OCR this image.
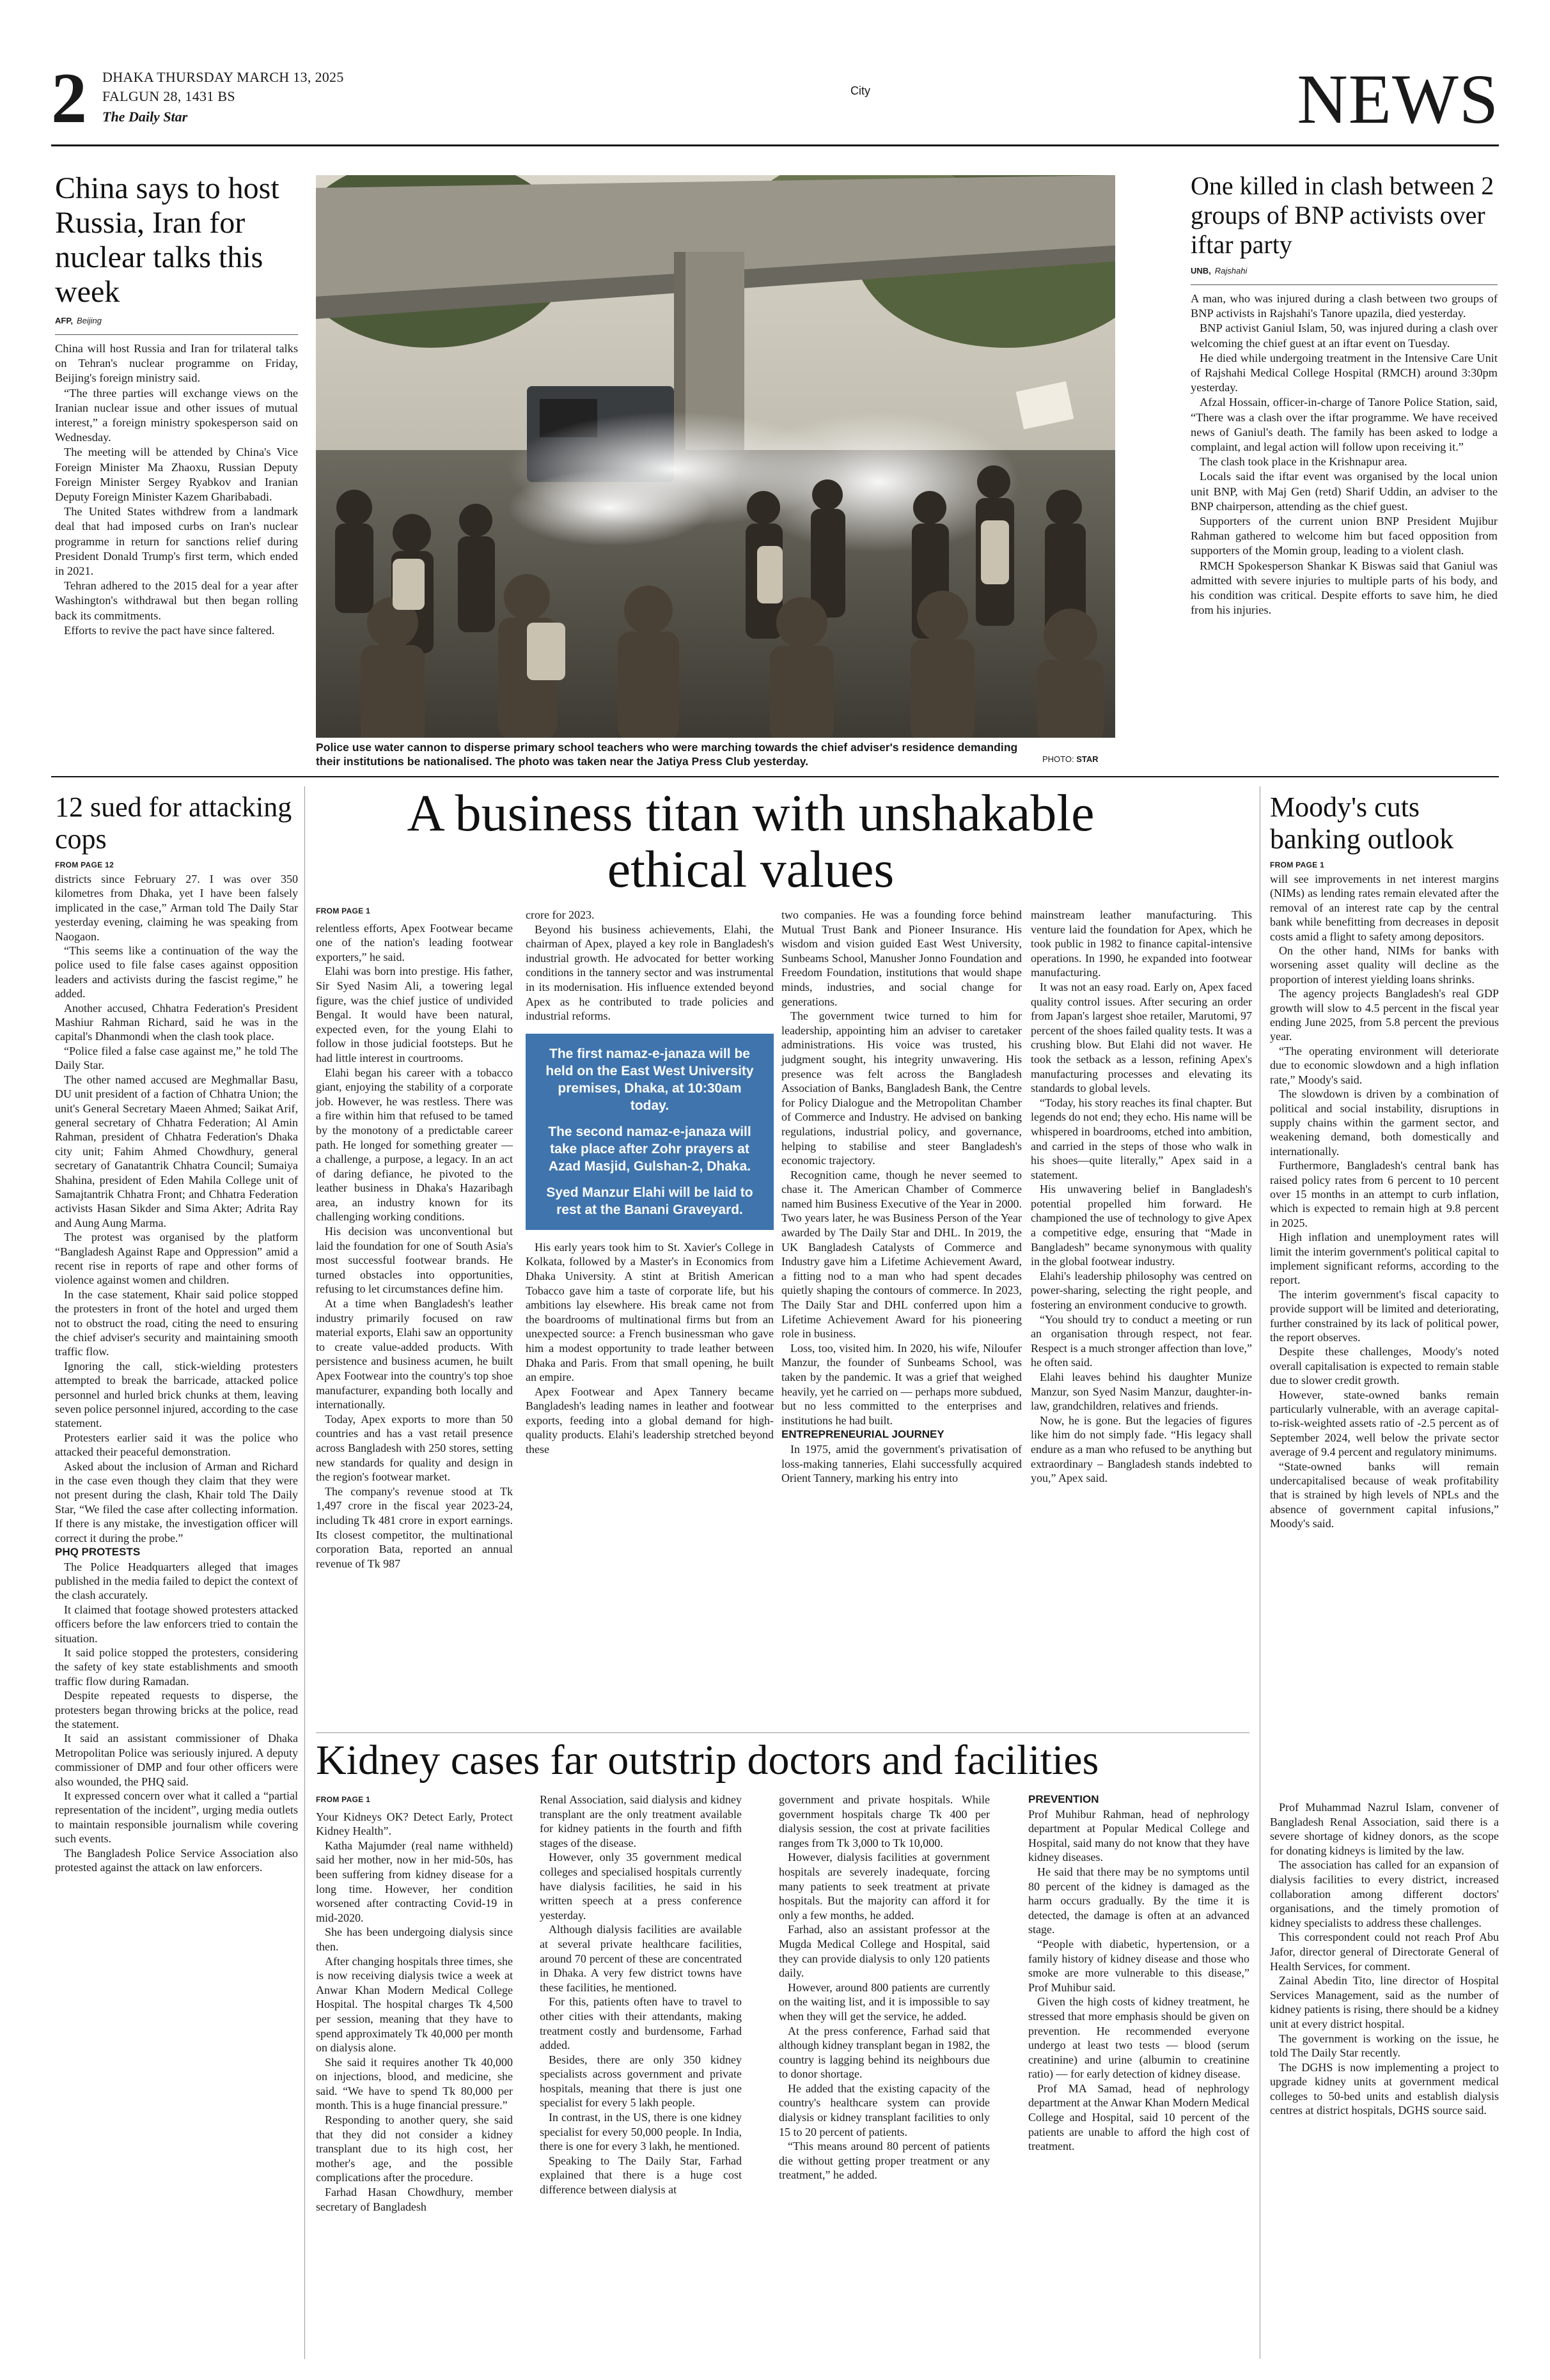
2 DHAKA THURSDAY MARCH 13, 2025
FALGUN 28, 1431 BS
The Daily Star
City	NEWS
China says to host Russia, Iran for nuclear talks this week
AFP, Beijing

China will host Russia and Iran for trilateral talks on Tehran's nuclear programme on Friday, Beijing's foreign ministry said.

“The three parties will exchange views on the Iranian nuclear issue and other issues of mutual interest,” a foreign ministry spokesperson said on Wednesday.

The meeting will be attended by China's Vice Foreign Minister Ma Zhaoxu, Russian Deputy Foreign Minister Sergey Ryabkov and Iranian Deputy Foreign Minister Kazem Gharibabadi.

The United States withdrew from a landmark deal that had imposed curbs on Iran's nuclear programme in return for sanctions relief during President Donald Trump's first term, which ended in 2021.

Tehran adhered to the 2015 deal for a year after Washington's withdrawal but then began rolling back its commitments.

Efforts to revive the pact have since faltered.

Police use water cannon to disperse primary school teachers who were marching towards the chief adviser's residence demanding their institutions be nationalised. The photo was taken near the Jatiya Press Club yesterday.	PHOTO: STAR
One killed in clash between 2 groups of BNP activists over iftar party
UNB, Rajshahi

A man, who was injured during a clash between two groups of BNP activists in Rajshahi's Tanore upazila, died yesterday.

BNP activist Ganiul Islam, 50, was injured during a clash over welcoming the chief guest at an iftar event on Tuesday.

He died while undergoing treatment in the Intensive Care Unit of Rajshahi Medical College Hospital (RMCH) around 3:30pm yesterday.

Afzal Hossain, officer-in-charge of Tanore Police Station, said, “There was a clash over the iftar programme. We have received news of Ganiul's death. The family has been asked to lodge a complaint, and legal action will follow upon receiving it.”

The clash took place in the Krishnapur area.

Locals said the iftar event was organised by the local union unit BNP, with Maj Gen (retd) Sharif Uddin, an adviser to the BNP chairperson, attending as the chief guest.

Supporters of the current union BNP President Mujibur Rahman gathered to welcome him but faced opposition from supporters of the Momin group, leading to a violent clash.

RMCH Spokesperson Shankar K Biswas said that Ganiul was admitted with severe injuries to multiple parts of his body, and his condition was critical. Despite efforts to save him, he died from his injuries.

12 sued for attacking cops
FROM PAGE 12

districts since February 27. I was over 350 kilometres from Dhaka, yet I have been falsely implicated in the case,” Arman told The Daily Star yesterday evening, claiming he was speaking from Naogaon.

“This seems like a continuation of the way the police used to file false cases against opposition leaders and activists during the fascist regime,” he added.

Another accused, Chhatra Federation's President Mashiur Rahman Richard, said he was in the capital's Dhanmondi when the clash took place.

“Police filed a false case against me,” he told The Daily Star.

The other named accused are Meghmallar Basu, DU unit president of a faction of Chhatra Union; the unit's General Secretary Maeen Ahmed; Saikat Arif, general secretary of Chhatra Federation; Al Amin Rahman, president of Chhatra Federation's Dhaka city unit; Fahim Ahmed Chowdhury, general secretary of Ganatantrik Chhatra Council; Sumaiya Shahina, president of Eden Mahila College unit of Samajtantrik Chhatra Front; and Chhatra Federation activists Hasan Sikder and Sima Akter; Adrita Ray and Aung Aung Marma.

The protest was organised by the platform “Bangladesh Against Rape and Oppression” amid a recent rise in reports of rape and other forms of violence against women and children.

In the case statement, Khair said police stopped the protesters in front of the hotel and urged them not to obstruct the road, citing the need to ensuring the chief adviser's security and maintaining smooth traffic flow.

Ignoring the call, stick-wielding protesters attempted to break the barricade, attacked police personnel and hurled brick chunks at them, leaving seven police personnel injured, according to the case statement.

Protesters earlier said it was the police who attacked their peaceful demonstration.

Asked about the inclusion of Arman and Richard in the case even though they claim that they were not present during the clash, Khair told The Daily Star, “We filed the case after collecting information. If there is any mistake, the investigation officer will correct it during the probe.”

PHQ PROTESTS

The Police Headquarters alleged that images published in the media failed to depict the context of the clash accurately.

It claimed that footage showed protesters attacked officers before the law enforcers tried to contain the situation.

It said police stopped the protesters, considering the safety of key state establishments and smooth traffic flow during Ramadan.

Despite repeated requests to disperse, the protesters began throwing bricks at the police, read the statement.

It said an assistant commissioner of Dhaka Metropolitan Police was seriously injured. A deputy commissioner of DMP and four other officers were also wounded, the PHQ said.

It expressed concern over what it called a “partial representation of the incident”, urging media outlets to maintain responsible journalism while covering such events.

The Bangladesh Police Service Association also protested against the attack on law enforcers.

A business titan with unshakable
ethical values
FROM PAGE 1

relentless efforts, Apex Footwear became one of the nation's leading footwear exporters,” he said.

Elahi was born into prestige. His father, Sir Syed Nasim Ali, a towering legal figure, was the chief justice of undivided Bengal. It would have been natural, expected even, for the young Elahi to follow in those judicial footsteps. But he had little interest in courtrooms.

Elahi began his career with a tobacco giant, enjoying the stability of a corporate job. However, he was restless. There was a fire within him that refused to be tamed by the monotony of a predictable career path. He longed for something greater — a challenge, a purpose, a legacy. In an act of daring defiance, he pivoted to the leather business in Dhaka's Hazaribagh area, an industry known for its challenging working conditions.

His decision was unconventional but laid the foundation for one of South Asia's most successful footwear brands. He turned obstacles into opportunities, refusing to let circumstances define him.

At a time when Bangladesh's leather industry primarily focused on raw material exports, Elahi saw an opportunity to create value-added products. With persistence and business acumen, he built Apex Footwear into the country's top shoe manufacturer, expanding both locally and internationally.

Today, Apex exports to more than 50 countries and has a vast retail presence across Bangladesh with 250 stores, setting new standards for quality and design in the region's footwear market.

The company's revenue stood at Tk 1,497 crore in the fiscal year 2023-24, including Tk 481 crore in export earnings. Its closest competitor, the multinational corporation Bata, reported an annual revenue of Tk 987

crore for 2023.

Beyond his business achievements, Elahi, the chairman of Apex, played a key role in Bangladesh's industrial growth. He advocated for better working conditions in the tannery sector and was instrumental in its modernisation. His influence extended beyond Apex as he contributed to trade policies and industrial reforms.

The first namaz-e-janaza will be held on the East West University premises, Dhaka, at 10:30am today.
The second namaz-e-janaza will take place after Zohr prayers at Azad Masjid, Gulshan-2, Dhaka.
Syed Manzur Elahi will be laid to rest at the Banani Graveyard.

His early years took him to St. Xavier's College in Kolkata, followed by a Master's in Economics from Dhaka University. A stint at British American Tobacco gave him a taste of corporate life, but his ambitions lay elsewhere. His break came not from the boardrooms of multinational firms but from an unexpected source: a French businessman who gave him a modest opportunity to trade leather between Dhaka and Paris. From that small opening, he built an empire.

Apex Footwear and Apex Tannery became Bangladesh's leading names in leather and footwear exports, feeding into a global demand for high-quality products. Elahi's leadership stretched beyond these

two companies. He was a founding force behind Mutual Trust Bank and Pioneer Insurance. His wisdom and vision guided East West University, Sunbeams School, Manusher Jonno Foundation and Freedom Foundation, institutions that would shape minds, industries, and social change for generations.

The government twice turned to him for leadership, appointing him an adviser to caretaker administrations. His voice was trusted, his judgment sought, his integrity unwavering. His presence was felt across the Bangladesh Association of Banks, Bangladesh Bank, the Centre for Policy Dialogue and the Metropolitan Chamber of Commerce and Industry. He advised on banking regulations, industrial policy, and governance, helping to stabilise and steer Bangladesh's economic trajectory.

Recognition came, though he never seemed to chase it. The American Chamber of Commerce named him Business Executive of the Year in 2000. Two years later, he was Business Person of the Year awarded by The Daily Star and DHL. In 2019, the UK Bangladesh Catalysts of Commerce and Industry gave him a Lifetime Achievement Award, a fitting nod to a man who had spent decades quietly shaping the contours of commerce. In 2023, The Daily Star and DHL conferred upon him a Lifetime Achievement Award for his pioneering role in business.

Loss, too, visited him. In 2020, his wife, Niloufer Manzur, the founder of Sunbeams School, was taken by the pandemic. It was a grief that weighed heavily, yet he carried on — perhaps more subdued, but no less committed to the enterprises and institutions he had built.

ENTREPRENEURIAL JOURNEY

In 1975, amid the government's privatisation of loss-making tanneries, Elahi successfully acquired Orient Tannery, marking his entry into

mainstream leather manufacturing. This venture laid the foundation for Apex, which he took public in 1982 to finance capital-intensive operations. In 1990, he expanded into footwear manufacturing.

It was not an easy road. Early on, Apex faced quality control issues. After securing an order from Japan's largest shoe retailer, Marutomi, 97 percent of the shoes failed quality tests. It was a crushing blow. But Elahi did not waver. He took the setback as a lesson, refining Apex's manufacturing processes and elevating its standards to global levels.

“Today, his story reaches its final chapter. But legends do not end; they echo. His name will be whispered in boardrooms, etched into ambition, and carried in the steps of those who walk in his shoes—quite literally,” Apex said in a statement.

His unwavering belief in Bangladesh's potential propelled him forward. He championed the use of technology to give Apex a competitive edge, ensuring that “Made in Bangladesh” became synonymous with quality in the global footwear industry.

Elahi's leadership philosophy was centred on power-sharing, selecting the right people, and fostering an environment conducive to growth.

“You should try to conduct a meeting or run an organisation through respect, not fear. Respect is a much stronger affection than love,” he often said.

Elahi leaves behind his daughter Munize Manzur, son Syed Nasim Manzur, daughter-in-law, grandchildren, relatives and friends.

Now, he is gone. But the legacies of figures like him do not simply fade. “His legacy shall endure as a man who refused to be anything but extraordinary – Bangladesh stands indebted to you,” Apex said.

Moody's cuts banking outlook
FROM PAGE 1

will see improvements in net interest margins (NIMs) as lending rates remain elevated after the removal of an interest rate cap by the central bank while benefitting from decreases in deposit costs amid a flight to safety among depositors.

On the other hand, NIMs for banks with worsening asset quality will decline as the proportion of interest yielding loans shrinks.

The agency projects Bangladesh's real GDP growth will slow to 4.5 percent in the fiscal year ending June 2025, from 5.8 percent the previous year.

“The operating environment will deteriorate due to economic slowdown and a high inflation rate,” Moody's said.

The slowdown is driven by a combination of political and social instability, disruptions in supply chains within the garment sector, and weakening demand, both domestically and internationally.

Furthermore, Bangladesh's central bank has raised policy rates from 6 percent to 10 percent over 15 months in an attempt to curb inflation, which is expected to remain high at 9.8 percent in 2025.

High inflation and unemployment rates will limit the interim government's political capital to implement significant reforms, according to the report.

The interim government's fiscal capacity to provide support will be limited and deteriorating, further constrained by its lack of political power, the report observes.

Despite these challenges, Moody's noted overall capitalisation is expected to remain stable due to slower credit growth.

However, state-owned banks remain particularly vulnerable, with an average capital-to-risk-weighted assets ratio of -2.5 percent as of September 2024, well below the private sector average of 9.4 percent and regulatory minimums.

“State-owned banks will remain undercapitalised because of weak profitability that is strained by high levels of NPLs and the absence of government capital infusions,” Moody's said.

Kidney cases far outstrip doctors and facilities
FROM PAGE 1

Your Kidneys OK? Detect Early, Protect Kidney Health”.

Katha Majumder (real name withheld) said her mother, now in her mid-50s, has been suffering from kidney disease for a long time. However, her condition worsened after contracting Covid-19 in mid-2020.

She has been undergoing dialysis since then.

After changing hospitals three times, she is now receiving dialysis twice a week at Anwar Khan Modern Medical College Hospital. The hospital charges Tk 4,500 per session, meaning that they have to spend approximately Tk 40,000 per month on dialysis alone.

She said it requires another Tk 40,000 on injections, blood, and medicine, she said. “We have to spend Tk 80,000 per month. This is a huge financial pressure.”

Responding to another query, she said that they did not consider a kidney transplant due to its high cost, her mother's age, and the possible complications after the procedure.

Farhad Hasan Chowdhury, member secretary of Bangladesh

Renal Association, said dialysis and kidney transplant are the only treatment available for kidney patients in the fourth and fifth stages of the disease.

However, only 35 government medical colleges and specialised hospitals currently have dialysis facilities, he said in his written speech at a press conference yesterday.

Although dialysis facilities are available at several private healthcare facilities, around 70 percent of these are concentrated in Dhaka. A very few district towns have these facilities, he mentioned.

For this, patients often have to travel to other cities with their attendants, making treatment costly and burdensome, Farhad added.

Besides, there are only 350 kidney specialists across government and private hospitals, meaning that there is just one specialist for every 5 lakh people.

In contrast, in the US, there is one kidney specialist for every 50,000 people. In India, there is one for every 3 lakh, he mentioned.

Speaking to The Daily Star, Farhad explained that there is a huge cost difference between dialysis at

government and private hospitals. While government hospitals charge Tk 400 per dialysis session, the cost at private facilities ranges from Tk 3,000 to Tk 10,000.

However, dialysis facilities at government hospitals are severely inadequate, forcing many patients to seek treatment at private hospitals. But the majority can afford it for only a few months, he added.

Farhad, also an assistant professor at the Mugda Medical College and Hospital, said they can provide dialysis to only 120 patients daily.

However, around 800 patients are currently on the waiting list, and it is impossible to say when they will get the service, he added.

At the press conference, Farhad said that although kidney transplant began in 1982, the country is lagging behind its neighbours due to donor shortage.

He added that the existing capacity of the country's healthcare system can provide dialysis or kidney transplant facilities to only 15 to 20 percent of patients.

“This means around 80 percent of patients die without getting proper treatment or any treatment,” he added.

PREVENTION

Prof Muhibur Rahman, head of nephrology department at Popular Medical College and Hospital, said many do not know that they have kidney diseases.

He said that there may be no symptoms until 80 percent of the kidney is damaged as the harm occurs gradually. By the time it is detected, the damage is often at an advanced stage.

“People with diabetic, hypertension, or a family history of kidney disease and those who smoke are more vulnerable to this disease,” Prof Muhibur said.

Given the high costs of kidney treatment, he stressed that more emphasis should be given on prevention. He recommended everyone undergo at least two tests — blood (serum creatinine) and urine (albumin to creatinine ratio) — for early detection of kidney disease.

Prof MA Samad, head of nephrology department at the Anwar Khan Modern Medical College and Hospital, said 10 percent of the patients are unable to afford the high cost of treatment.

Prof Muhammad Nazrul Islam, convener of Bangladesh Renal Association, said there is a severe shortage of kidney donors, as the scope for donating kidneys is limited by the law.

The association has called for an expansion of dialysis facilities to every district, increased collaboration among different doctors' organisations, and the timely promotion of kidney specialists to address these challenges.

This correspondent could not reach Prof Abu Jafor, director general of Directorate General of Health Services, for comment.

Zainal Abedin Tito, line director of Hospital Services Management, said as the number of kidney patients is rising, there should be a kidney unit at every district hospital.

The government is working on the issue, he told The Daily Star recently.

The DGHS is now implementing a project to upgrade kidney units at government medical colleges to 50-bed units and establish dialysis centres at district hospitals, DGHS source said.
